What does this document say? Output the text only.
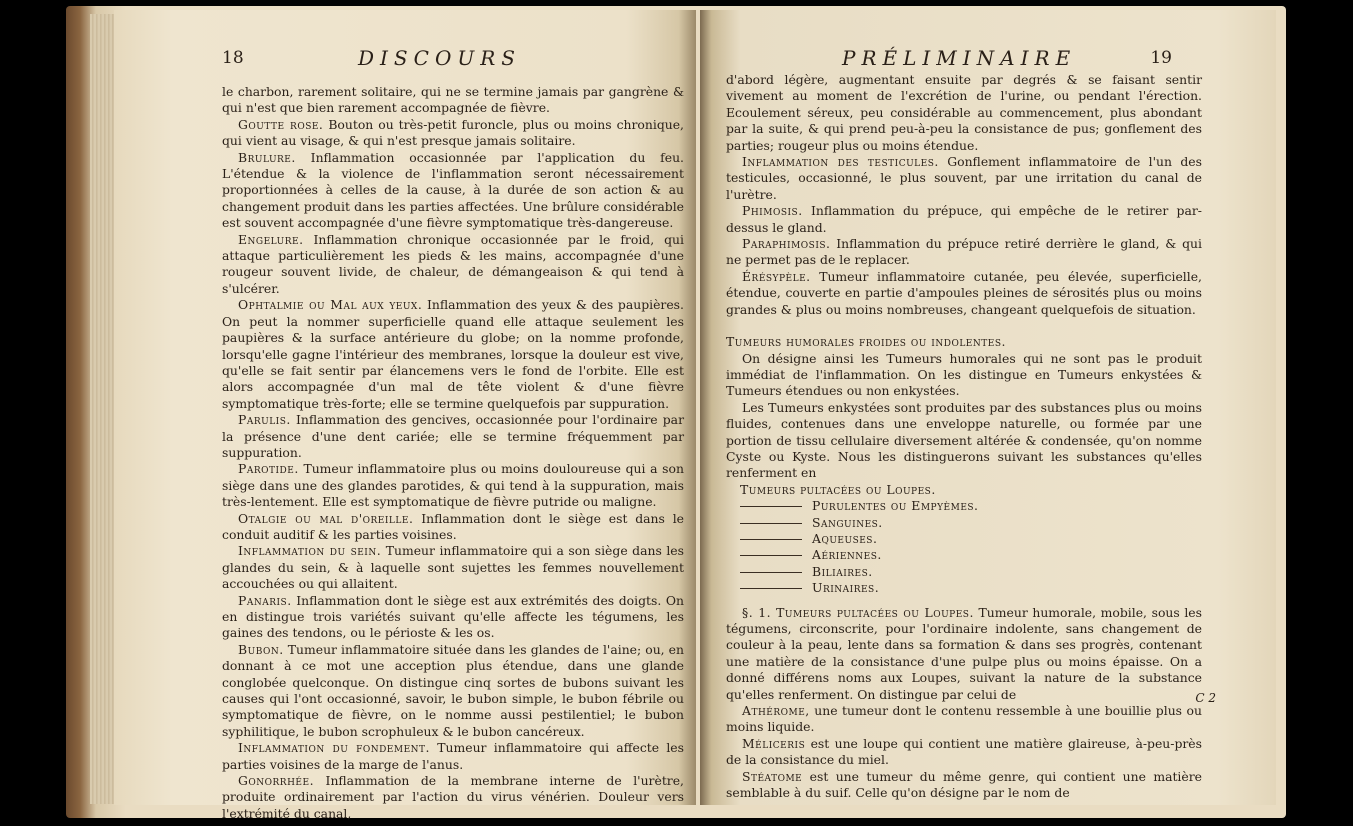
18	DISCOURS

le charbon, rarement solitaire, qui ne se termine jamais par gangrène & qui n'est que bien rarement accompagnée de fièvre.

Goutte rose. Bouton ou très-petit furoncle, plus ou moins chronique, qui vient au visage, & qui n'est presque jamais solitaire.

Brulure. Inflammation occasionnée par l'application du feu. L'étendue & la violence de l'inflammation seront nécessairement proportionnées à celles de la cause, à la durée de son action & au changement produit dans les parties affectées. Une brûlure considérable est souvent accompagnée d'une fièvre symptomatique très-dangereuse.

Engelure. Inflammation chronique occasionnée par le froid, qui attaque particulièrement les pieds & les mains, accompagnée d'une rougeur souvent livide, de chaleur, de démangeaison & qui tend à s'ulcérer.

Ophtalmie ou Mal aux yeux. Inflammation des yeux & des paupières. On peut la nommer superficielle quand elle attaque seulement les paupières & la surface antérieure du globe; on la nomme profonde, lorsqu'elle gagne l'intérieur des membranes, lorsque la douleur est vive, qu'elle se fait sentir par élancemens vers le fond de l'orbite. Elle est alors accompagnée d'un mal de tête violent & d'une fièvre symptomatique très-forte; elle se termine quelquefois par suppuration.

Parulis. Inflammation des gencives, occasionnée pour l'ordinaire par la présence d'une dent cariée; elle se termine fréquemment par suppuration.

Parotide. Tumeur inflammatoire plus ou moins douloureuse qui a son siège dans une des glandes parotides, & qui tend à la suppuration, mais très-lentement. Elle est symptomatique de fièvre putride ou maligne.

Otalgie ou mal d'oreille. Inflammation dont le siège est dans le conduit auditif & les parties voisines.

Inflammation du sein. Tumeur inflammatoire qui a son siège dans les glandes du sein, & à laquelle sont sujettes les femmes nouvellement accouchées ou qui allaitent.

Panaris. Inflammation dont le siège est aux extrémités des doigts. On en distingue trois variétés suivant qu'elle affecte les tégumens, les gaines des tendons, ou le périoste & les os.

Bubon. Tumeur inflammatoire située dans les glandes de l'aine; ou, en donnant à ce mot une acception plus étendue, dans une glande conglobée quelconque. On distingue cinq sortes de bubons suivant les causes qui l'ont occasionné, savoir, le bubon simple, le bubon fébrile ou symptomatique de fièvre, on le nomme aussi pestilentiel; le bubon syphilitique, le bubon scrophuleux & le bubon cancéreux.

Inflammation du fondement. Tumeur inflammatoire qui affecte les parties voisines de la marge de l'anus.

Gonorrhée. Inflammation de la membrane interne de l'urètre, produite ordinairement par l'action du virus vénérien. Douleur vers l'extrémité du canal,

PRÉLIMINAIRE	19

d'abord légère, augmentant ensuite par degrés & se faisant sentir vivement au moment de l'excrétion de l'urine, ou pendant l'érection. Ecoulement séreux, peu considérable au commencement, plus abondant par la suite, & qui prend peu-à-peu la consistance de pus; gonflement des parties; rougeur plus ou moins étendue.

Inflammation des testicules. Gonflement inflammatoire de l'un des testicules, occasionné, le plus souvent, par une irritation du canal de l'urètre.

Phimosis. Inflammation du prépuce, qui empêche de le retirer par-dessus le gland.

Paraphimosis. Inflammation du prépuce retiré derrière le gland, & qui ne permet pas de le replacer.

Érésypèle. Tumeur inflammatoire cutanée, peu élevée, superficielle, étendue, couverte en partie d'ampoules pleines de sérosités plus ou moins grandes & plus ou moins nombreuses, changeant quelquefois de situation.

Tumeurs humorales froides ou indolentes.

On désigne ainsi les Tumeurs humorales qui ne sont pas le produit immédiat de l'inflammation. On les distingue en Tumeurs enkystées & Tumeurs étendues ou non enkystées.

Les Tumeurs enkystées sont produites par des substances plus ou moins fluides, contenues dans une enveloppe naturelle, ou formée par une portion de tissu cellulaire diversement altérée & condensée, qu'on nomme Cyste ou Kyste. Nous les distinguerons suivant les substances qu'elles renferment en

Tumeurs pultacées ou Loupes.

Purulentes ou Empyèmes.

Sanguines.

Aqueuses.

Aériennes.

Biliaires.

Urinaires.

§. 1. Tumeurs pultacées ou Loupes. Tumeur humorale, mobile, sous les tégumens, circonscrite, pour l'ordinaire indolente, sans changement de couleur à la peau, lente dans sa formation & dans ses progrès, contenant une matière de la consistance d'une pulpe plus ou moins épaisse. On a donné différens noms aux Loupes, suivant la nature de la substance qu'elles renferment. On distingue par celui de

Athérome, une tumeur dont le contenu ressemble à une bouillie plus ou moins liquide.

Méliceris est une loupe qui contient une matière glaireuse, à-peu-près de la consistance du miel.

Stéatome est une tumeur du même genre, qui contient une matière semblable à du suif. Celle qu'on désigne par le nom de

C 2
